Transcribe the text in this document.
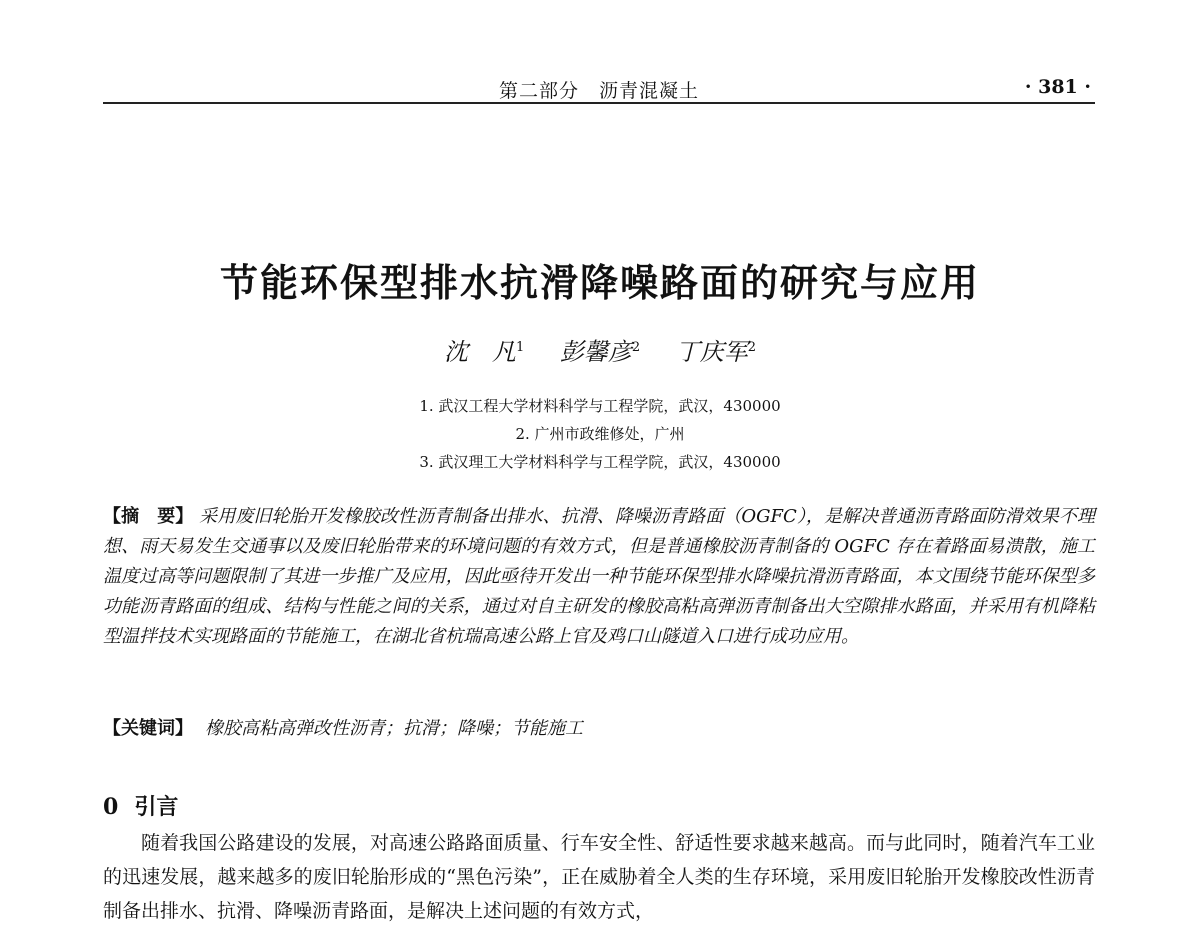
第二部分　沥青混凝土	· 381 ·
节能环保型排水抗滑降噪路面的研究与应用
沈　凡$^1$ 彭馨彦$^2$ 丁庆军$^2$
1. 武汉工程大学材料科学与工程学院，武汉，430000
2. 广州市政维修处，广州
3. 武汉理工大学材料科学与工程学院，武汉，430000
【摘　要】 采用废旧轮胎开发橡胶改性沥青制备出排水、抗滑、降噪沥青路面（OGFC），是解决普通沥青路面防滑效果不理想、雨天易发生交通事以及废旧轮胎带来的环境问题的有效方式，但是普通橡胶沥青制备的 OGFC 存在着路面易溃散，施工温度过高等问题限制了其进一步推广及应用，因此亟待开发出一种节能环保型排水降噪抗滑沥青路面，本文围绕节能环保型多功能沥青路面的组成、结构与性能之间的关系，通过对自主研发的橡胶高粘高弹沥青制备出大空隙排水路面，并采用有机降粘型温拌技术实现路面的节能施工，在湖北省杭瑞高速公路上官及鸡口山隧道入口进行成功应用。
【关键词】 橡胶高粘高弹改性沥青；抗滑；降噪；节能施工
0 引言
随着我国公路建设的发展，对高速公路路面质量、行车安全性、舒适性要求越来越高。而与此同时，随着汽车工业的迅速发展，越来越多的废旧轮胎形成的“黑色污染”，正在威胁着全人类的生存环境，采用废旧轮胎开发橡胶改性沥青制备出排水、抗滑、降噪沥青路面，是解决上述问题的有效方式，
